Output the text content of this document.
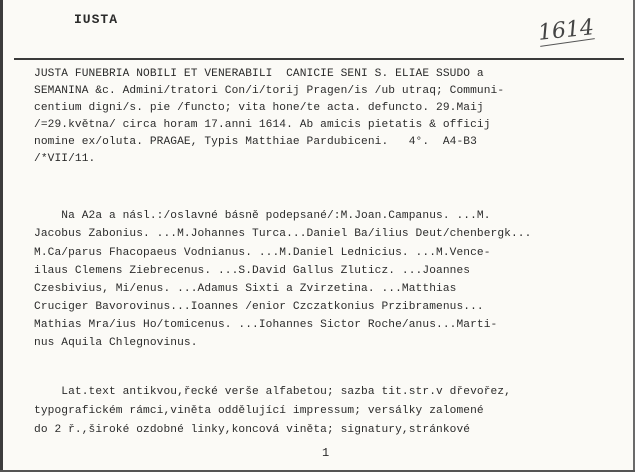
IUSTA	1614
JUSTA FUNEBRIA NOBILI ET VENERABILI  CANICIE SENI S. ELIAE SSUDO a
SEMANINA &c. Admini/tratori Con/i/torij Pragen/is /ub utraq; Communi-
centium digni/s. pie /functo; vita hone/te acta. defuncto. 29.Maij
/=29.května/ circa horam 17.anni 1614. Ab amicis pietatis & officij
nomine ex/oluta. PRAGAE, Typis Matthiae Pardubiceni.   4°.  A4-B3
/*VII/11.
Na A2a a násl.:/oslavné básně podepsané/:M.Joan.Campanus. ...M.
Jacobus Zabonius. ...M.Johannes Turca...Daniel Ba/ilius Deut/chenbergk...
M.Ca/parus Fhacopaeus Vodnianus. ...M.Daniel Lednicius. ...M.Vence-
ilaus Clemens Ziebrecenus. ...S.David Gallus Zluticz. ...Joannes
Czesbivius, Mi/enus. ...Adamus Sixti a Zvirzetina. ...Matthias
Cruciger Bavorovinus...Ioannes /enior Czczatkonius Przibramenus...
Mathias Mra/ius Ho/tomicenus. ...Iohannes Sictor Roche/anus...Marti-
nus Aquila Chlegnovinus.
Lat.text antikvou,řecké verše alfabetou; sazba tit.str.v dřevořez,
typografickém rámci,viněta oddělující impressum; versálky zalomené
do 2 ř.,široké ozdobné linky,koncová viněta; signatury,stránkové
1
